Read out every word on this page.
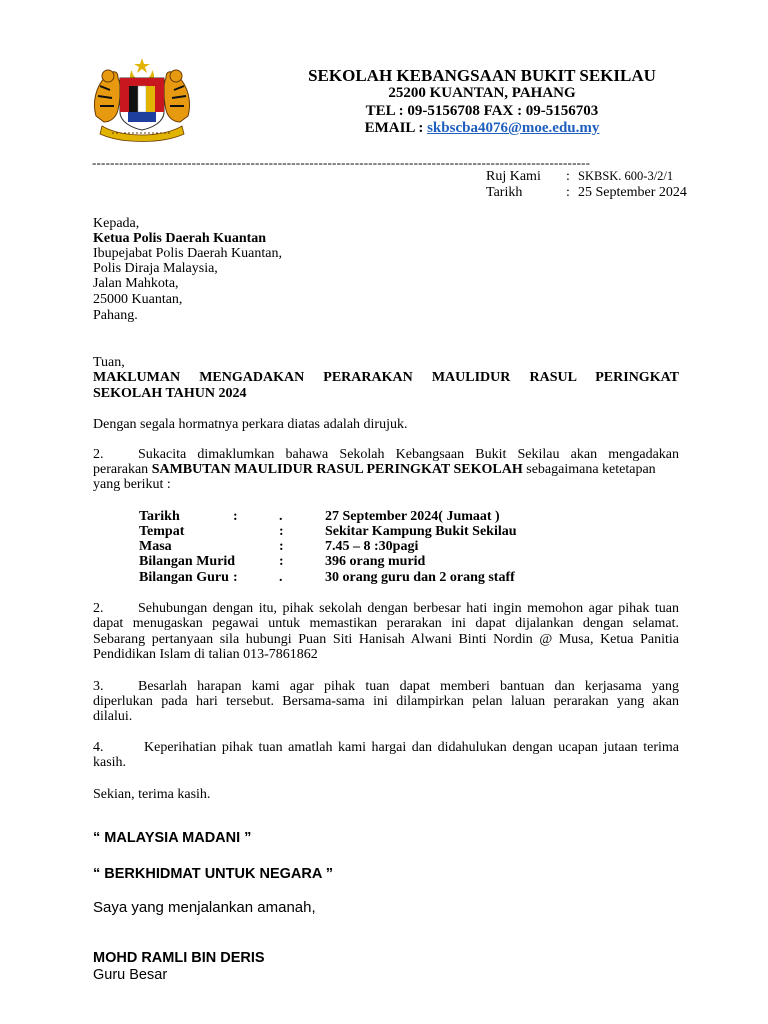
SEKOLAH KEBANGSAAN BUKIT SEKILAU
25200 KUANTAN, PAHANG
TEL : 09-5156708 FAX : 09-5156703
EMAIL : skbscba4076@moe.edu.my
--------------------------------------------------------------------------------------------------------------
Ruj Kami : SKBSK. 600-3/2/1
Tarikh	: 25 September 2024
Kepada,
Ketua Polis Daerah Kuantan
Ibupejabat Polis Daerah Kuantan,
Polis Diraja Malaysia,
Jalan Mahkota,
25000 Kuantan,
Pahang.
Tuan,
MAKLUMAN MENGADAKAN PERARAKAN MAULIDUR RASUL PERINGKAT
SEKOLAH TAHUN 2024
Dengan segala hormatnya perkara diatas adalah dirujuk.
2. Sukacita dimaklumkan bahawa Sekolah Kebangsaan Bukit Sekilau akan mengadakan
perarakan SAMBUTAN MAULIDUR RASUL PERINGKAT SEKOLAH sebagaimana ketetapan
yang berikut :
Tarikh	:	.	27 September 2024( Jumaat )
Tempat	:	Sekitar Kampung Bukit Sekilau
Masa	:	7.45 – 8 :30pagi
Bilangan Murid	:	396 orang murid
Bilangan Guru :	.	30 orang guru dan 2 orang staff
2. Sehubungan dengan itu, pihak sekolah dengan berbesar hati ingin memohon agar pihak tuan
dapat menugaskan pegawai untuk memastikan perarakan ini dapat dijalankan dengan selamat.
Sebarang pertanyaan sila hubungi Puan Siti Hanisah Alwani Binti Nordin @ Musa, Ketua Panitia
Pendidikan Islam di talian 013-7861862
3. Besarlah harapan kami agar pihak tuan dapat memberi bantuan dan kerjasama yang
diperlukan pada hari tersebut. Bersama-sama ini dilampirkan pelan laluan perarakan yang akan
dilalui.
4.	Keperihatian pihak tuan amatlah kami hargai dan didahulukan dengan ucapan jutaan terima
kasih.
Sekian, terima kasih.
“ MALAYSIA MADANI ”
“ BERKHIDMAT UNTUK NEGARA ”
Saya yang menjalankan amanah,
MOHD RAMLI BIN DERIS
Guru Besar
